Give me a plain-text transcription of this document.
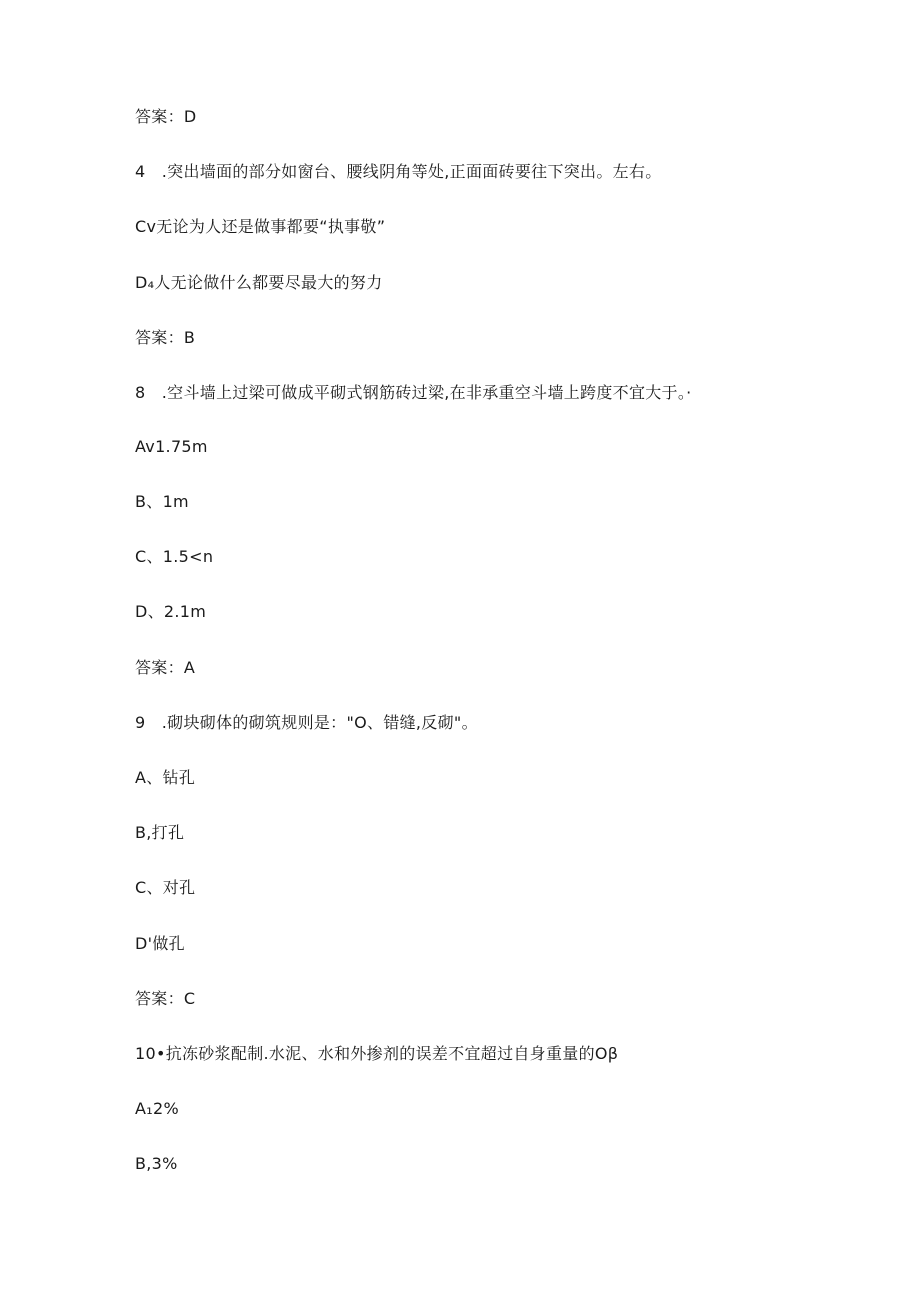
答案：D
4 .突出墙面的部分如窗台、腰线阴角等处,正面面砖要往下突出。左右。
Cv无论为人还是做事都要“执事敬”
D₄人无论做什么都要尽最大的努力
答案：B
8 .空斗墙上过梁可做成平砌式钢筋砖过梁,在非承重空斗墙上跨度不宜大于。·
Av1.75m
B、1m
C、1.5<n
D、2.1m
答案：A
9 .砌块砌体的砌筑规则是："O、错缝,反砌"。
A、钻孔
B,打孔
C、对孔
D'做孔
答案：C
10•抗冻砂浆配制.水泥、水和外掺剂的误差不宜超过自身重量的Oβ
A₁2%
B,3%
